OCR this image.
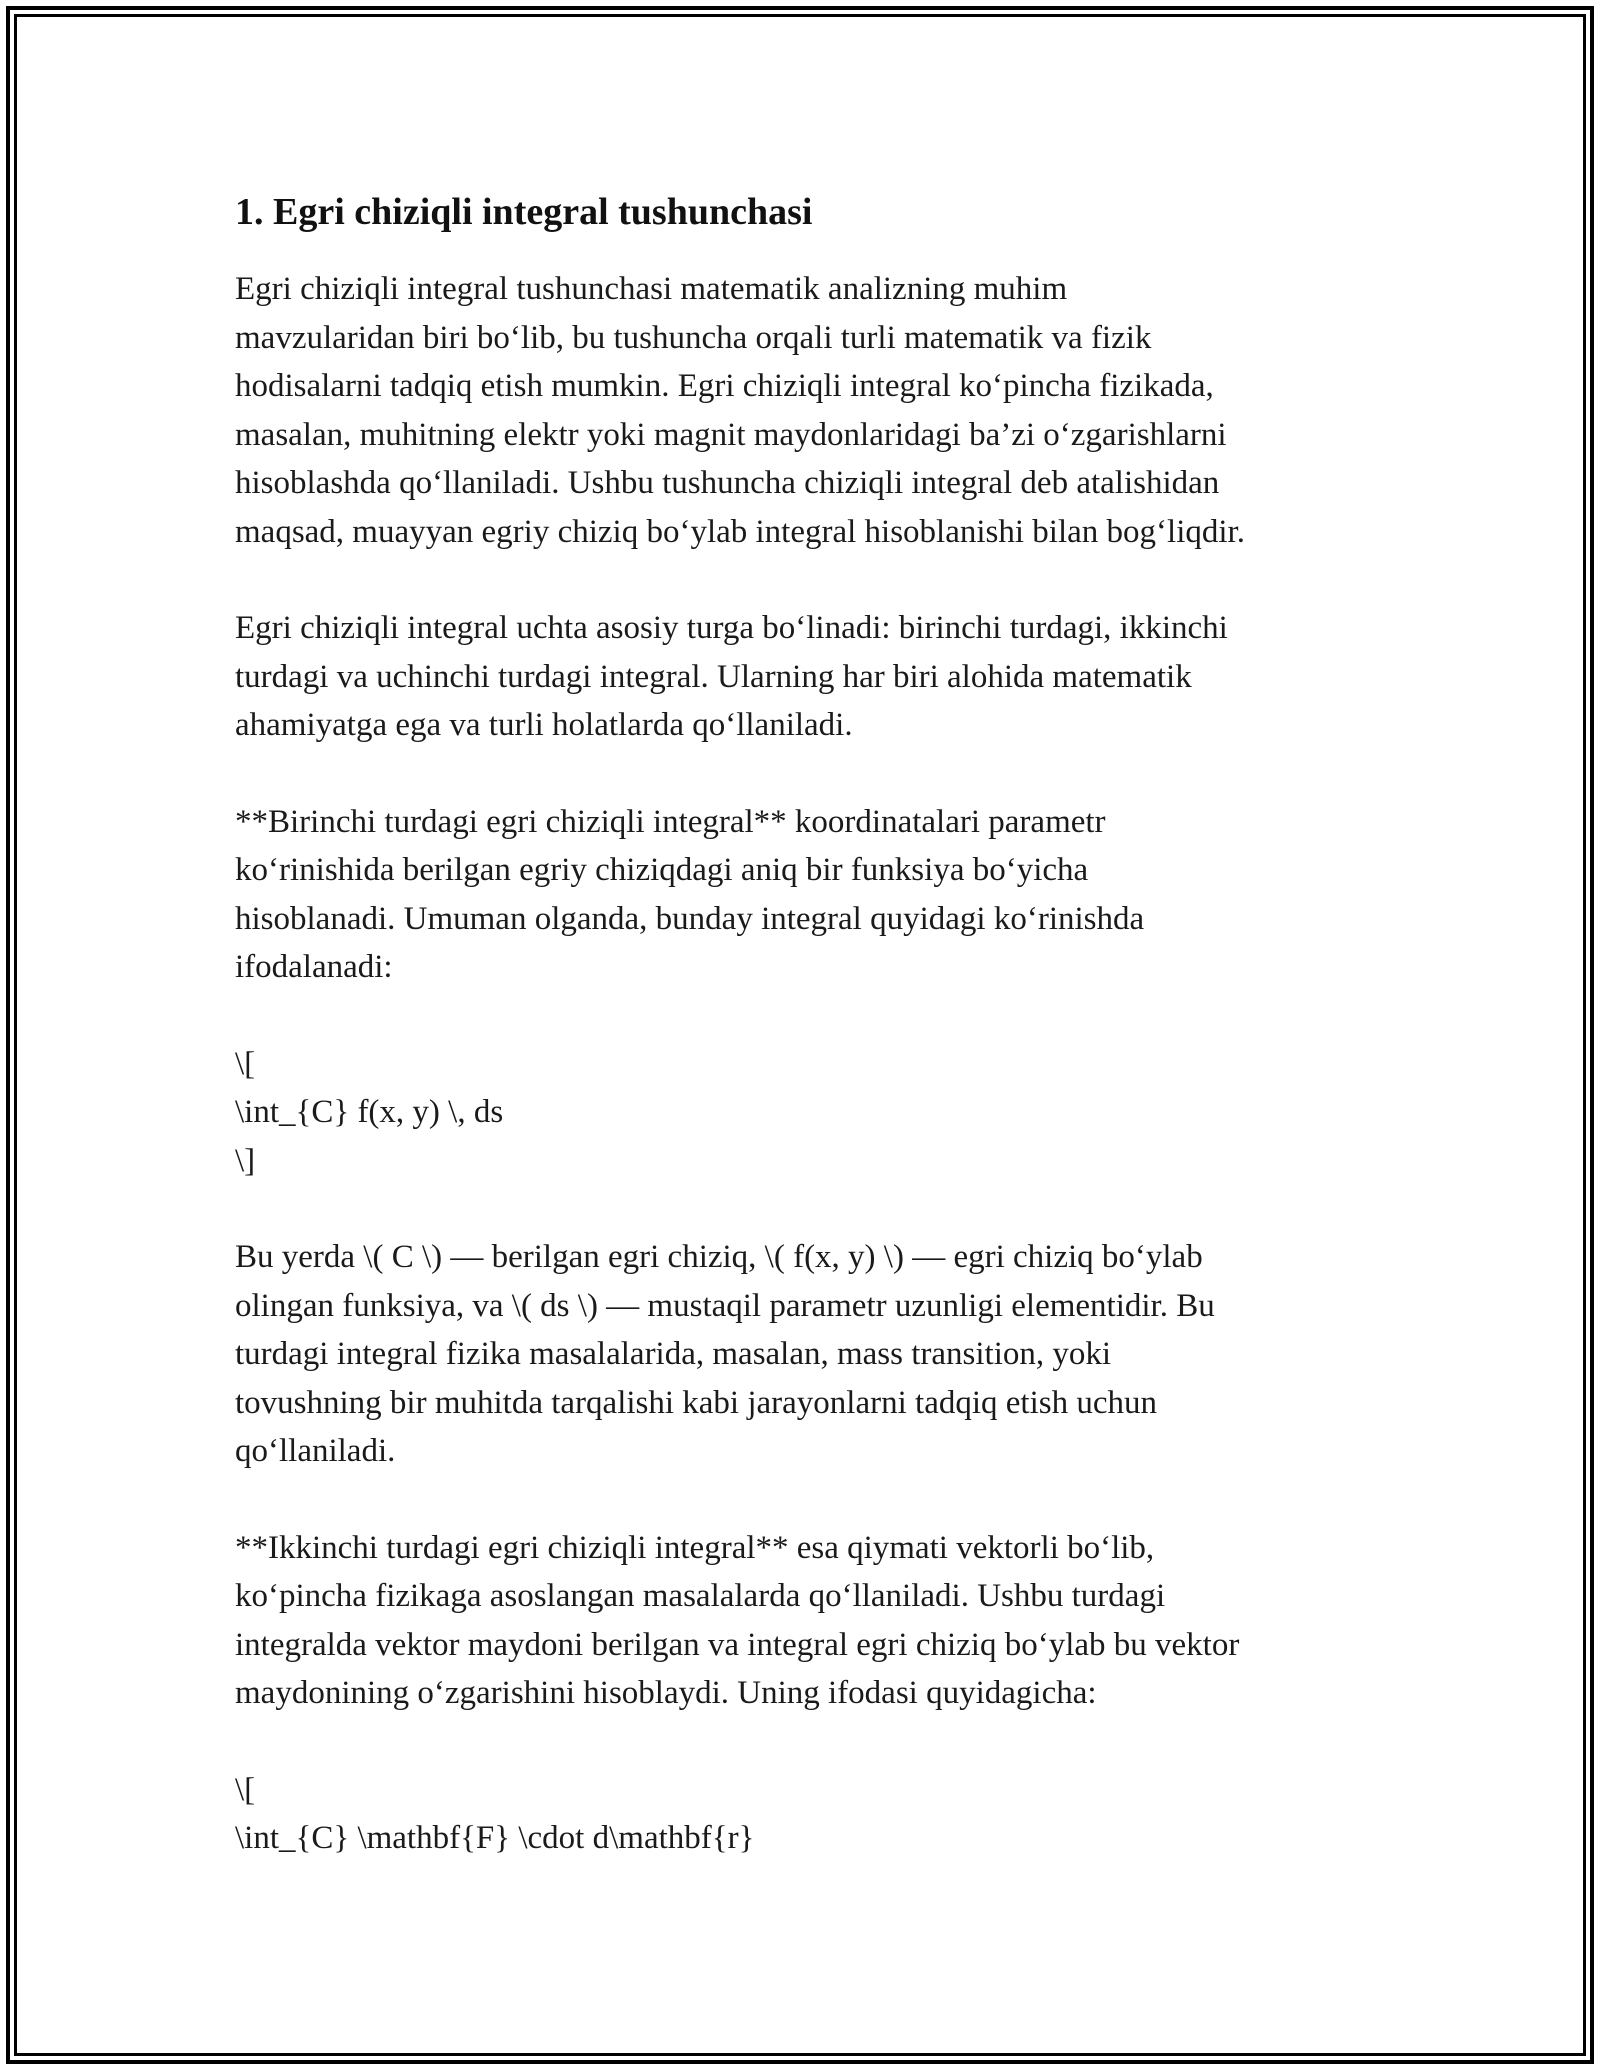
1. Egri chiziqli integral tushunchasi

Egri chiziqli integral tushunchasi matematik analizning muhim
mavzularidan biri bo‘lib, bu tushuncha orqali turli matematik va fizik
hodisalarni tadqiq etish mumkin. Egri chiziqli integral ko‘pincha fizikada,
masalan, muhitning elektr yoki magnit maydonlaridagi ba’zi o‘zgarishlarni
hisoblashda qo‘llaniladi. Ushbu tushuncha chiziqli integral deb atalishidan
maqsad, muayyan egriy chiziq bo‘ylab integral hisoblanishi bilan bog‘liqdir.

Egri chiziqli integral uchta asosiy turga bo‘linadi: birinchi turdagi, ikkinchi
turdagi va uchinchi turdagi integral. Ularning har biri alohida matematik
ahamiyatga ega va turli holatlarda qo‘llaniladi.

**Birinchi turdagi egri chiziqli integral** koordinatalari parametr
ko‘rinishida berilgan egriy chiziqdagi aniq bir funksiya bo‘yicha
hisoblanadi. Umuman olganda, bunday integral quyidagi ko‘rinishda
ifodalanadi:

\[
\int_{C} f(x, y) \, ds
\]

Bu yerda \( C \) — berilgan egri chiziq, \( f(x, y) \) — egri chiziq bo‘ylab
olingan funksiya, va \( ds \) — mustaqil parametr uzunligi elementidir. Bu
turdagi integral fizika masalalarida, masalan, mass transition, yoki
tovushning bir muhitda tarqalishi kabi jarayonlarni tadqiq etish uchun
qo‘llaniladi.

**Ikkinchi turdagi egri chiziqli integral** esa qiymati vektorli bo‘lib,
ko‘pincha fizikaga asoslangan masalalarda qo‘llaniladi. Ushbu turdagi
integralda vektor maydoni berilgan va integral egri chiziq bo‘ylab bu vektor
maydonining o‘zgarishini hisoblaydi. Uning ifodasi quyidagicha:

\[
\int_{C} \mathbf{F} \cdot d\mathbf{r}
